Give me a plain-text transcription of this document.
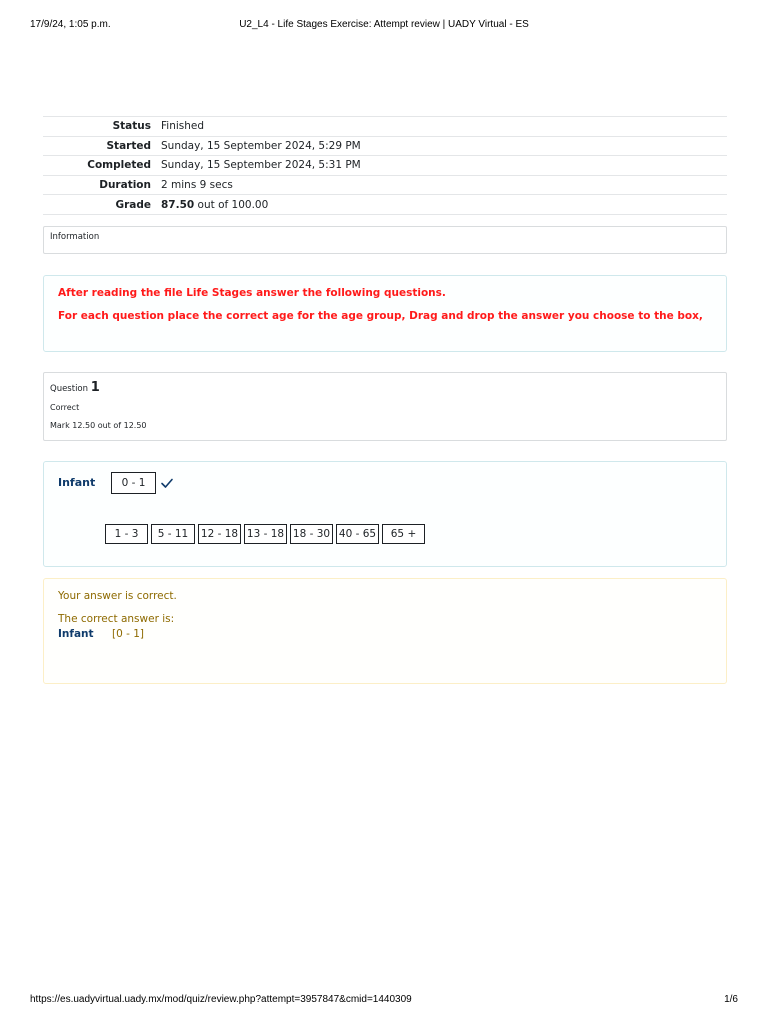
17/9/24, 1:05 p.m.	U2_L4 - Life Stages Exercise: Attempt review | UADY Virtual - ES
Status Finished
Started Sunday, 15 September 2024, 5:29 PM
Completed Sunday, 15 September 2024, 5:31 PM
Duration 2 mins 9 secs
Grade 87.50 out of 100.00
Information

After reading the file Life Stages answer the following questions.

For each question place the correct age for the age group, Drag and drop the answer you choose to the box,

Question 1
Correct
Mark 12.50 out of 12.50
Infant	0 - 1
1 - 3	5 - 11	12 - 18 13 - 18 18 - 30 40 - 65	65 +
Your answer is correct.
The correct answer is:
Infant	[0 - 1]
https://es.uadyvirtual.uady.mx/mod/quiz/review.php?attempt=3957847&cmid=1440309	1/6
